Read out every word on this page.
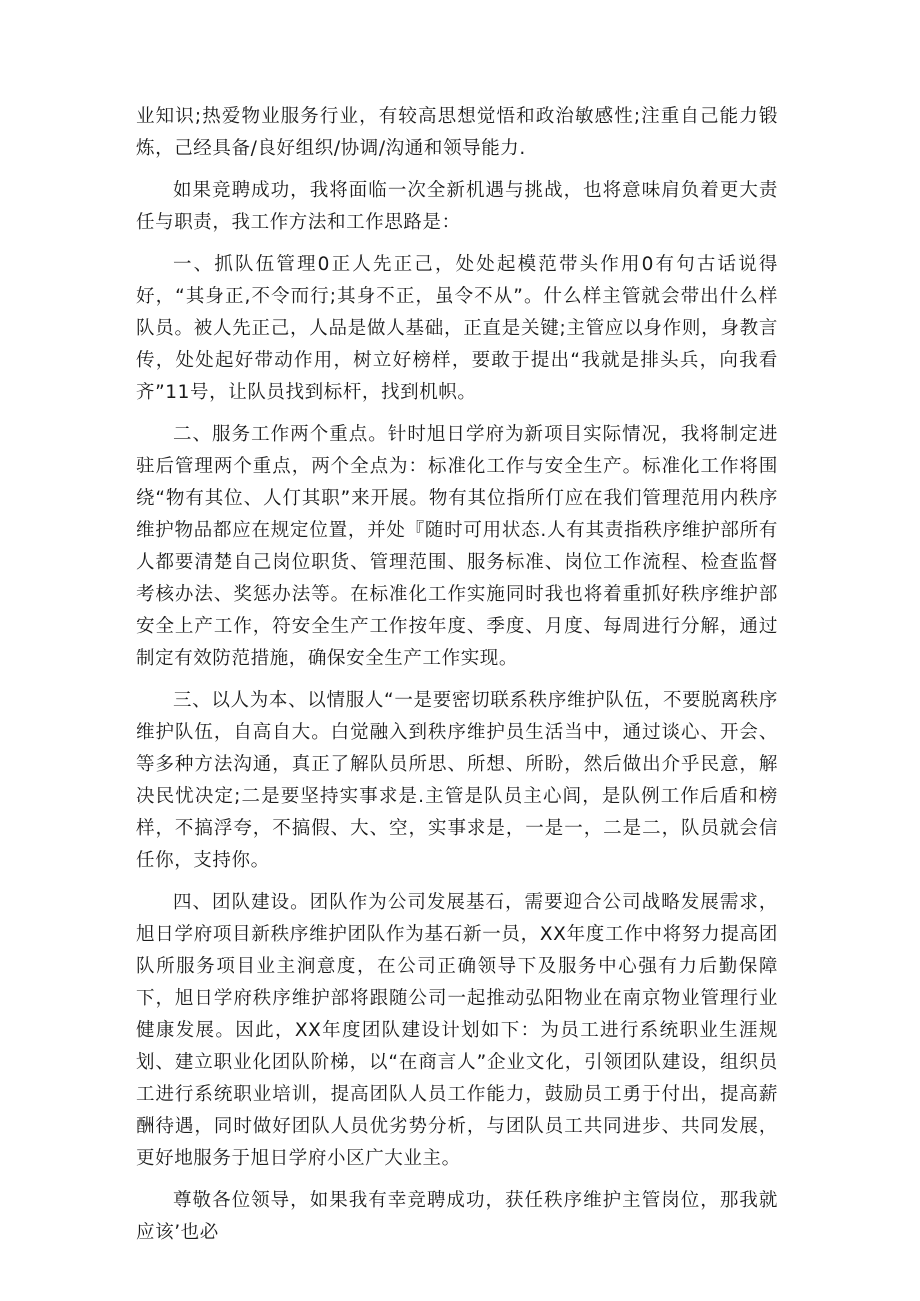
业知识;热爱物业服务行业，有较高思想觉悟和政治敏感性;注重自己能力锻炼，己经具备/良好组织/协调/沟通和领导能力.

如果竞聘成功，我将面临一次全新机遇与挑战，也将意味肩负着更大责任与职责，我工作方法和工作思路是：

一、抓队伍管理0正人先正己，处处起模范带头作用0有句古话说得好，“其身正,不令而行;其身不正，虽令不从”。什么样主管就会带出什么样队员。被人先正己，人品是做人基础，正直是关键;主管应以身作则，身教言传，处处起好带动作用，树立好榜样，要敢于提出“我就是排头兵，向我看齐”11号，让队员找到标杆，找到机帜。

二、服务工作两个重点。针时旭日学府为新项目实际情况，我将制定进驻后管理两个重点，两个全点为：标准化工作与安全生产。标准化工作将围绕“物有其位、人仃其职”来开展。物有其位指所仃应在我们管理范用内秩序维护物品都应在规定位置，并处『随时可用状态.人有其责指秩序维护部所有人都要清楚自己岗位职货、管理范围、服务标准、岗位工作流程、检查监督考核办法、奖惩办法等。在标准化工作实施同时我也将着重抓好秩序维护部安全上产工作，符安全生产工作按年度、季度、月度、每周进行分解，通过制定有效防范措施，确保安全生产工作实现。

三、以人为本、以情服人“一是要密切联系秩序维护队伍，不要脱离秩序维护队伍，自高自大。白觉融入到秩序维护员生活当中，通过谈心、开会、等多种方法沟通，真正了解队员所思、所想、所盼，然后做出介乎民意，解决民忧决定;二是要坚持实事求是.主管是队员主心闾，是队例工作后盾和榜样，不搞浮夸，不搞假、大、空，实事求是，一是一，二是二，队员就会信任你，支持你。

四、团队建设。团队作为公司发展基石，需要迎合公司战略发展需求，旭日学府项目新秩序维护团队作为基石新一员，XX年度工作中将努力提高团队所服务项目业主涧意度，在公司正确领导下及服务中心强有力后勤保障下，旭日学府秩序维护部将跟随公司一起推动弘阳物业在南京物业管理行业健康发展。因此，XX年度团队建设计划如下：为员工进行系统职业生涯规划、建立职业化团队阶梯，以“在商言人”企业文化，引领团队建设，组织员工进行系统职业培训，提高团队人员工作能力，鼓励员工勇于付出，提高薪酬待遇，同时做好团队人员优劣势分析，与团队员工共同进步、共同发展，更好地服务于旭日学府小区广大业主。

尊敬各位领导，如果我有幸竞聘成功，获任秩序维护主管岗位，那我就应该’也必
